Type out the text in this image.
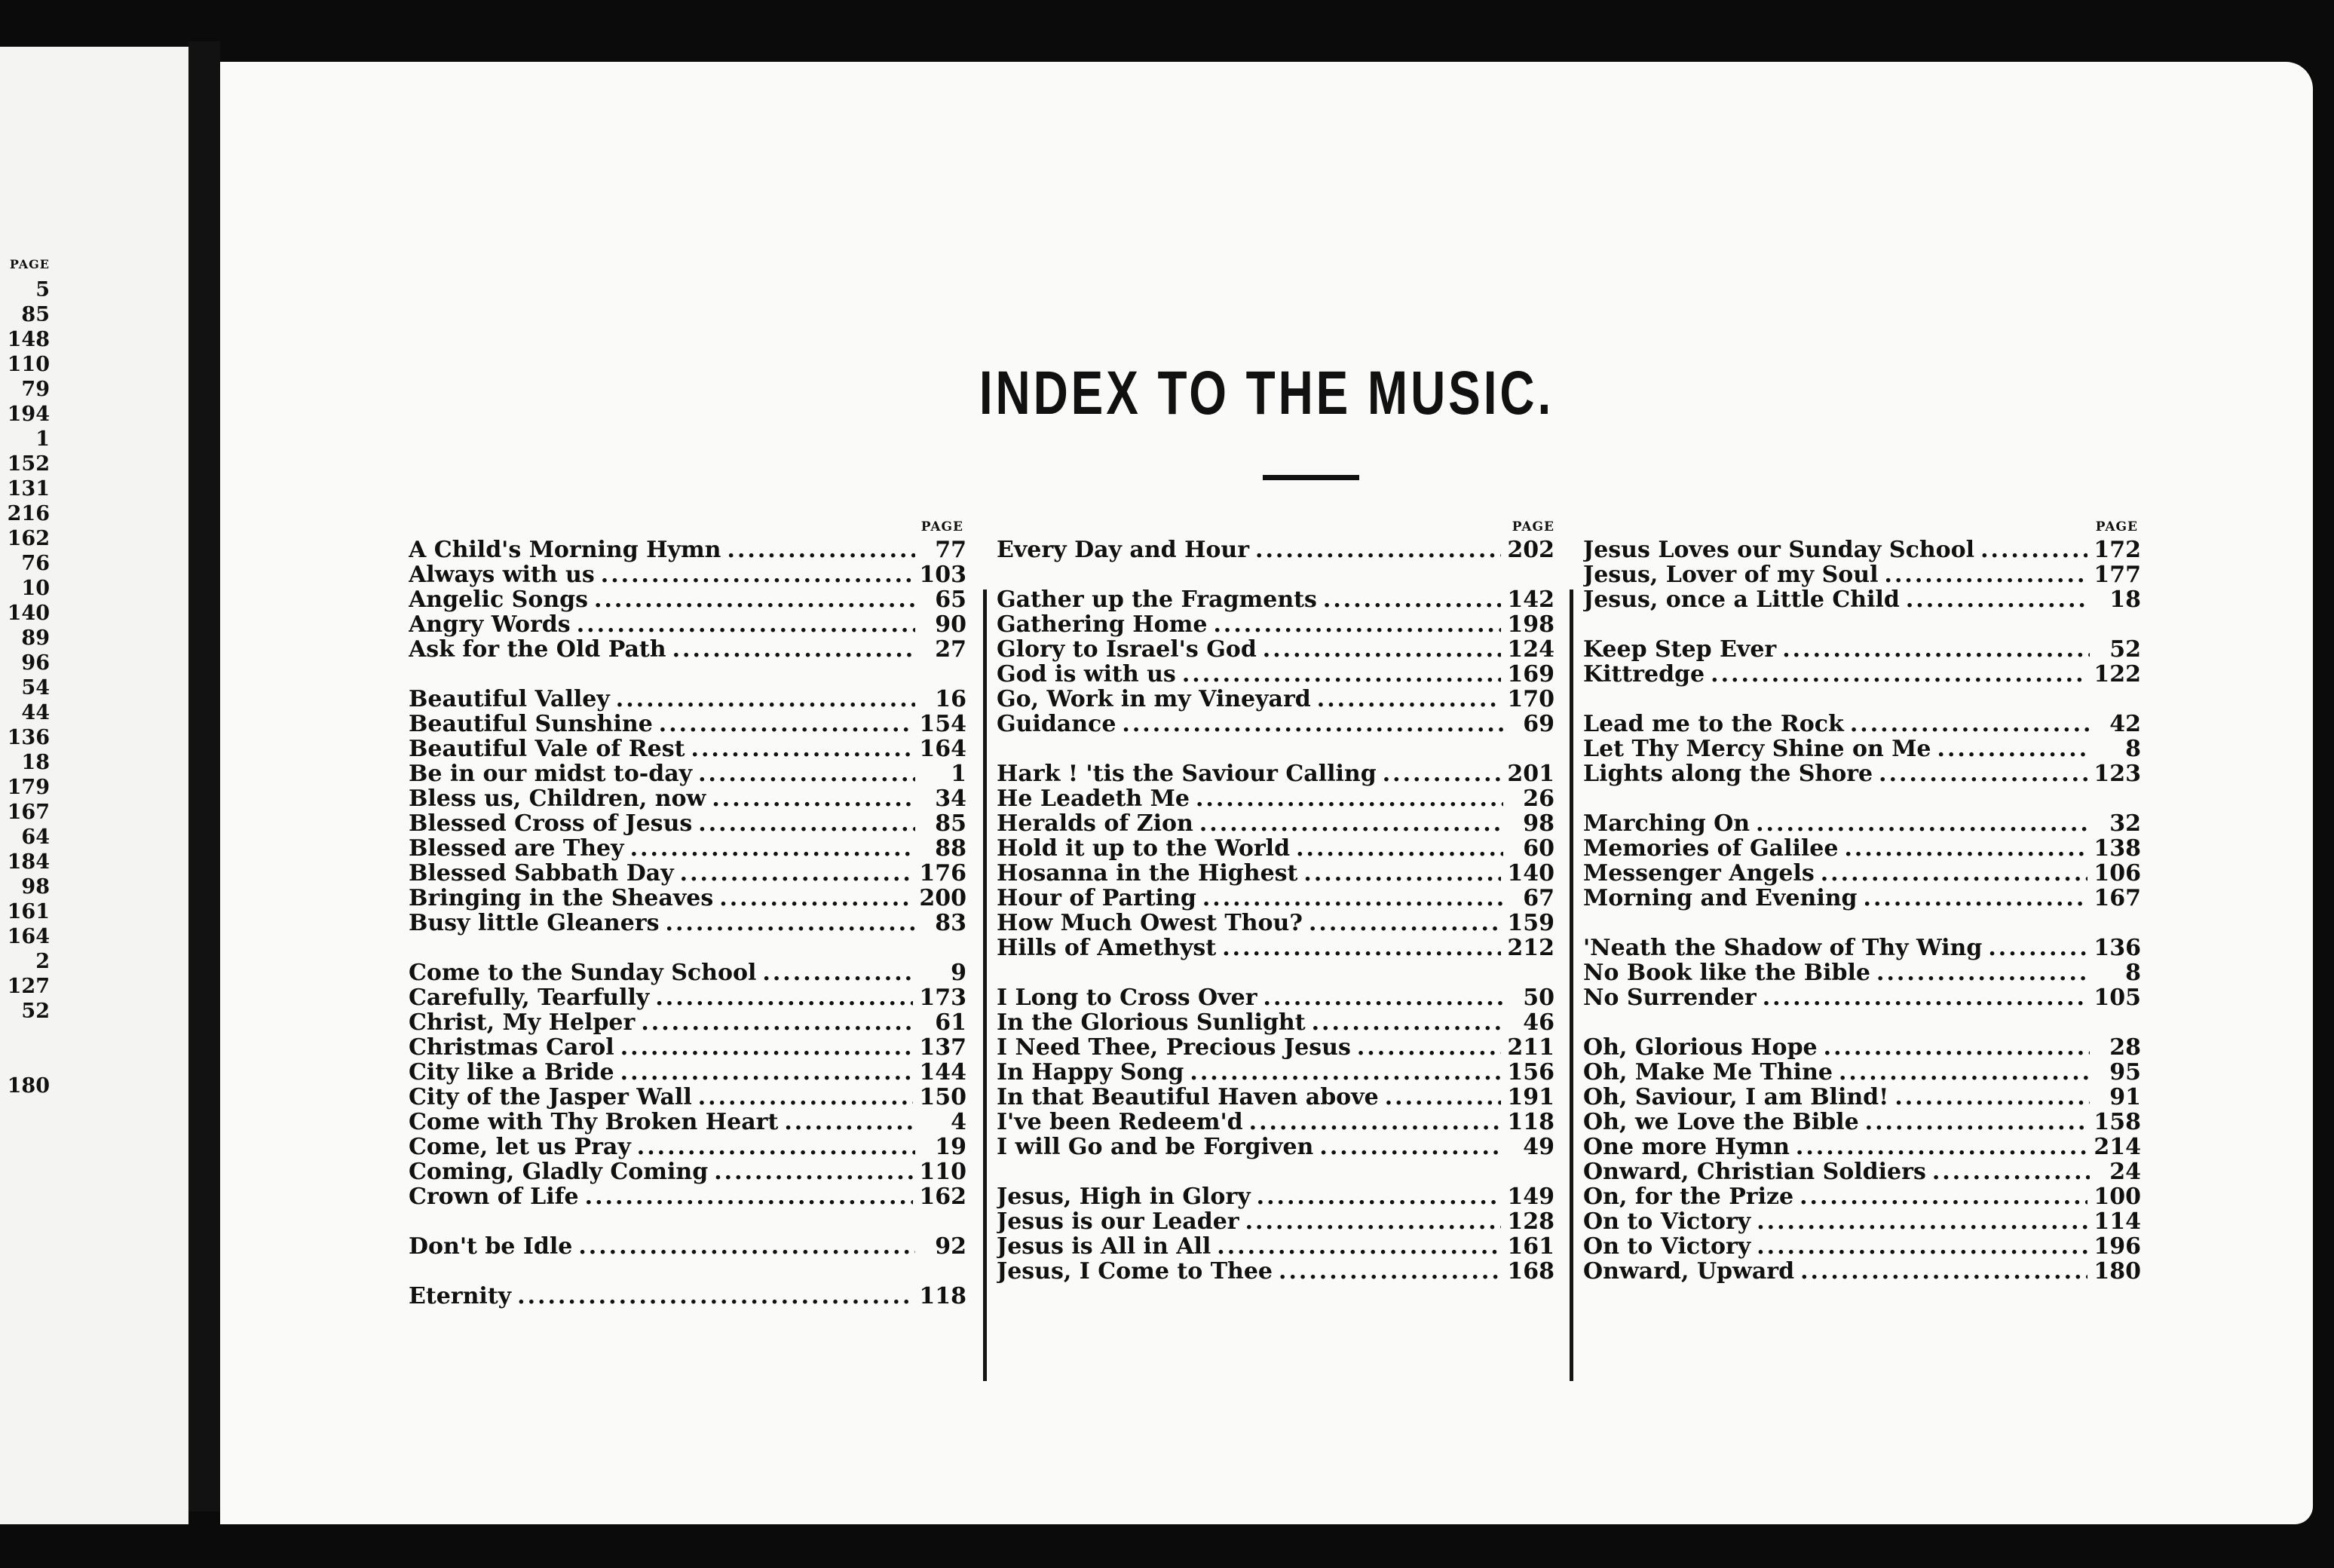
PAGE
5
85
148
110
79
194
1
152
131
216
162
76
10
140
89
96
54
44
136
18
179
167
64
184
98
161
164
2
127
52
180
INDEX TO THE MUSIC.
PAGE
A Child's Morning Hymn .....	77
Always with us .....	103
Angelic Songs .....	65
Angry Words .....	90
Ask for the Old Path .....	27
Beautiful Valley .....	16
Beautiful Sunshine .....	154
Beautiful Vale of Rest .....	164
Be in our midst to-day .....	1
Bless us, Children, now .....	34
Blessed Cross of Jesus .....	85
Blessed are They .....	88
Blessed Sabbath Day .....	176
Bringing in the Sheaves .....	200
Busy little Gleaners .....	83
Come to the Sunday School .....	9
Carefully, Tearfully .....	173
Christ, My Helper .....	61
Christmas Carol .....	137
City like a Bride .....	144
City of the Jasper Wall .....	150
Come with Thy Broken Heart .....	4
Come, let us Pray .....	19
Coming, Gladly Coming .....	110
Crown of Life .....	162
Don't be Idle .....	92
Eternity .....	118
Every Day and Hour .....	202
Gather up the Fragments .....	142
Gathering Home .....	198
Glory to Israel's God .....	124
God is with us .....	169
Go, Work in my Vineyard .....	170
Guidance .....	69
Hark ! 'tis the Saviour Calling .....	201
He Leadeth Me .....	26
Heralds of Zion .....	98
Hold it up to the World .....	60
Hosanna in the Highest .....	140
Hour of Parting .....	67
How Much Owest Thou? .....	159
Hills of Amethyst .....	212
I Long to Cross Over .....	50
In the Glorious Sunlight .....	46
I Need Thee, Precious Jesus .....	211
In Happy Song .....	156
In that Beautiful Haven above .....	191
I've been Redeem'd .....	118
I will Go and be Forgiven .....	49
Jesus, High in Glory .....	149
Jesus is our Leader .....	128
Jesus is All in All .....	161
Jesus, I Come to Thee .....	168
PAGE	PAGE
Jesus Loves our Sunday School .....	172
Jesus, Lover of my Soul .....	177
Jesus, once a Little Child .....	18
Keep Step Ever .....	52
Kittredge .....	122
Lead me to the Rock .....	42
Let Thy Mercy Shine on Me .....	8
Lights along the Shore .....	123
Marching On .....	32
Memories of Galilee .....	138
Messenger Angels .....	106
Morning and Evening .....	167
'Neath the Shadow of Thy Wing .....	136
No Book like the Bible .....	8
No Surrender .....	105
Oh, Glorious Hope .....	28
Oh, Make Me Thine .....	95
Oh, Saviour, I am Blind! .....	91
Oh, we Love the Bible .....	158
One more Hymn .....	214
Onward, Christian Soldiers .....	24
On, for the Prize .....	100
On to Victory .....	114
On to Victory .....	196
Onward, Upward .....	180
